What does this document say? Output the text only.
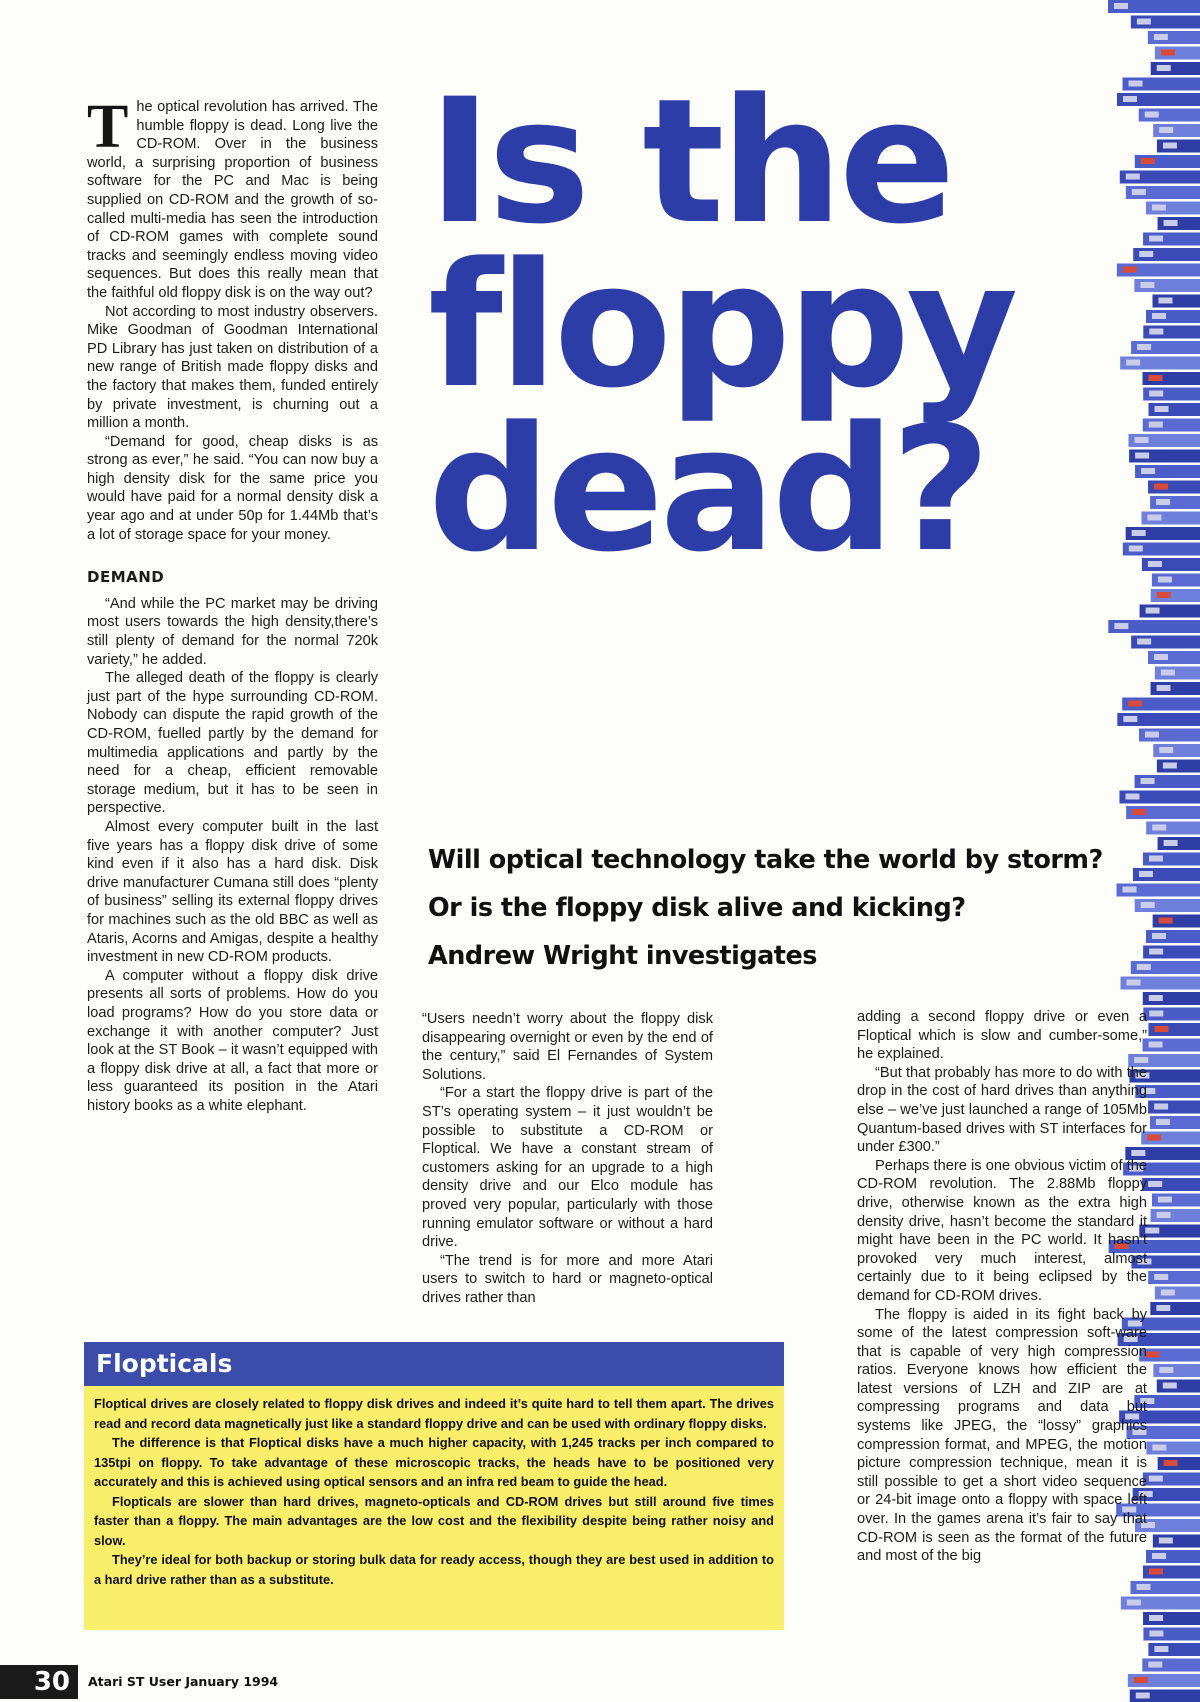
Is the
floppy
dead?
Will optical technology take the world by storm?
Or is the floppy disk alive and kicking?
Andrew Wright investigates

The optical revolution has arrived. The humble floppy is dead. Long live the CD-ROM. Over in the business world, a surprising proportion of business software for the PC and Mac is being supplied on CD-ROM and the growth of so-called multi-media has seen the introduction of CD-ROM games with complete sound tracks and seemingly endless moving video sequences. But does this really mean that the faithful old floppy disk is on the way out?

Not according to most industry observers. Mike Goodman of Goodman International PD Library has just taken on distribution of a new range of British made floppy disks and the factory that makes them, funded entirely by private investment, is churning out a million a month.

“Demand for good, cheap disks is as strong as ever,” he said. “You can now buy a high density disk for the same price you would have paid for a normal density disk a year ago and at under 50p for 1.44Mb that’s a lot of storage space for your money.

DEMAND

“And while the PC market may be driving most users towards the high density,there’s still plenty of demand for the normal 720k variety,” he added.

The alleged death of the floppy is clearly just part of the hype surrounding CD-ROM. Nobody can dispute the rapid growth of the CD-ROM, fuelled partly by the demand for multimedia applications and partly by the need for a cheap, efficient removable storage medium, but it has to be seen in perspective.

Almost every computer built in the last five years has a floppy disk drive of some kind even if it also has a hard disk. Disk drive manufacturer Cumana still does “plenty of business” selling its external floppy drives for machines such as the old BBC as well as Ataris, Acorns and Amigas, despite a healthy investment in new CD-ROM products.

A computer without a floppy disk drive presents all sorts of problems. How do you load programs? How do you store data or exchange it with another computer? Just look at the ST Book – it wasn’t equipped with a floppy disk drive at all, a fact that more or less guaranteed its position in the Atari history books as a white elephant.

“Users needn’t worry about the floppy disk disappearing overnight or even by the end of the century,” said El Fernandes of System Solutions.

“For a start the floppy drive is part of the ST’s operating system – it just wouldn’t be possible to substitute a CD-ROM or Floptical. We have a constant stream of customers asking for an upgrade to a high density drive and our Elco module has proved very popular, particularly with those running emulator software or without a hard drive.

“The trend is for more and more Atari users to switch to hard or magneto-optical drives rather than

adding a second floppy drive or even a Floptical which is slow and cumber-some,” he explained.

“But that probably has more to do with the drop in the cost of hard drives than anything else – we’ve just launched a range of 105Mb Quantum-based drives with ST interfaces for under £300.”

Perhaps there is one obvious victim of the CD-ROM revolution. The 2.88Mb floppy drive, otherwise known as the extra high density drive, hasn’t become the standard it might have been in the PC world. It hasn’t provoked very much interest, almost certainly due to it being eclipsed by the demand for CD-ROM drives.

The floppy is aided in its fight back by some of the latest compression soft-ware that is capable of very high compression ratios. Everyone knows how efficient the latest versions of LZH and ZIP are at compressing programs and data but systems like JPEG, the “lossy” graphics compression format, and MPEG, the motion picture compression technique, mean it is still possible to get a short video sequence or 24-bit image onto a floppy with space left over. In the games arena it’s fair to say that CD-ROM is seen as the format of the future and most of the big

Flopticals

Floptical drives are closely related to floppy disk drives and indeed it’s quite hard to tell them apart. The drives read and record data magnetically just like a standard floppy drive and can be used with ordinary floppy disks.

The difference is that Floptical disks have a much higher capacity, with 1,245 tracks per inch compared to 135tpi on floppy. To take advantage of these microscopic tracks, the heads have to be positioned very accurately and this is achieved using optical sensors and an infra red beam to guide the head.

Flopticals are slower than hard drives, magneto-opticals and CD-ROM drives but still around five times faster than a floppy. The main advantages are the low cost and the flexibility despite being rather noisy and slow.

They’re ideal for both backup or storing bulk data for ready access, though they are best used in addition to a hard drive rather than as a substitute.

30	Atari ST User January 1994
